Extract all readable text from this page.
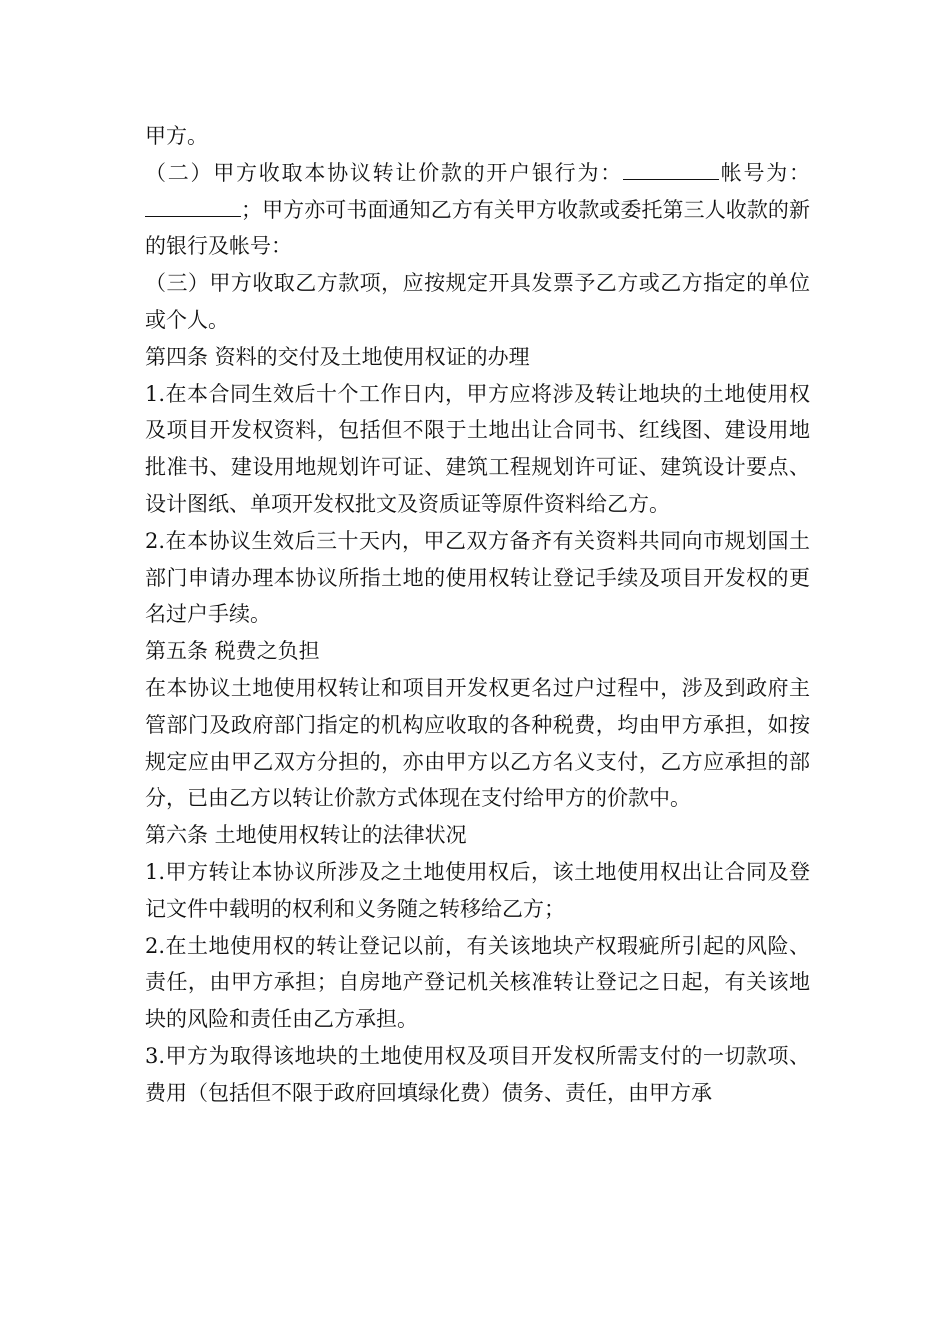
甲方。

（二）甲方收取本协议转让价款的开户银行为：	帐号为：；甲方亦可书面通知乙方有关甲方收款或委托第三人收款的新的银行及帐号：

（三）甲方收取乙方款项，应按规定开具发票予乙方或乙方指定的单位或个人。

第四条 资料的交付及土地使用权证的办理

1.在本合同生效后十个工作日内，甲方应将涉及转让地块的土地使用权及项目开发权资料，包括但不限于土地出让合同书、红线图、建设用地批准书、建设用地规划许可证、建筑工程规划许可证、建筑设计要点、设计图纸、单项开发权批文及资质证等原件资料给乙方。

2.在本协议生效后三十天内，甲乙双方备齐有关资料共同向市规划国土部门申请办理本协议所指土地的使用权转让登记手续及项目开发权的更名过户手续。

第五条 税费之负担

在本协议土地使用权转让和项目开发权更名过户过程中，涉及到政府主管部门及政府部门指定的机构应收取的各种税费，均由甲方承担，如按规定应由甲乙双方分担的，亦由甲方以乙方名义支付，乙方应承担的部分，已由乙方以转让价款方式体现在支付给甲方的价款中。

第六条 土地使用权转让的法律状况

1.甲方转让本协议所涉及之土地使用权后，该土地使用权出让合同及登记文件中载明的权利和义务随之转移给乙方；

2.在土地使用权的转让登记以前，有关该地块产权瑕疵所引起的风险、责任，由甲方承担；自房地产登记机关核准转让登记之日起，有关该地块的风险和责任由乙方承担。

3.甲方为取得该地块的土地使用权及项目开发权所需支付的一切款项、费用（包括但不限于政府回填绿化费）债务、责任，由甲方承
